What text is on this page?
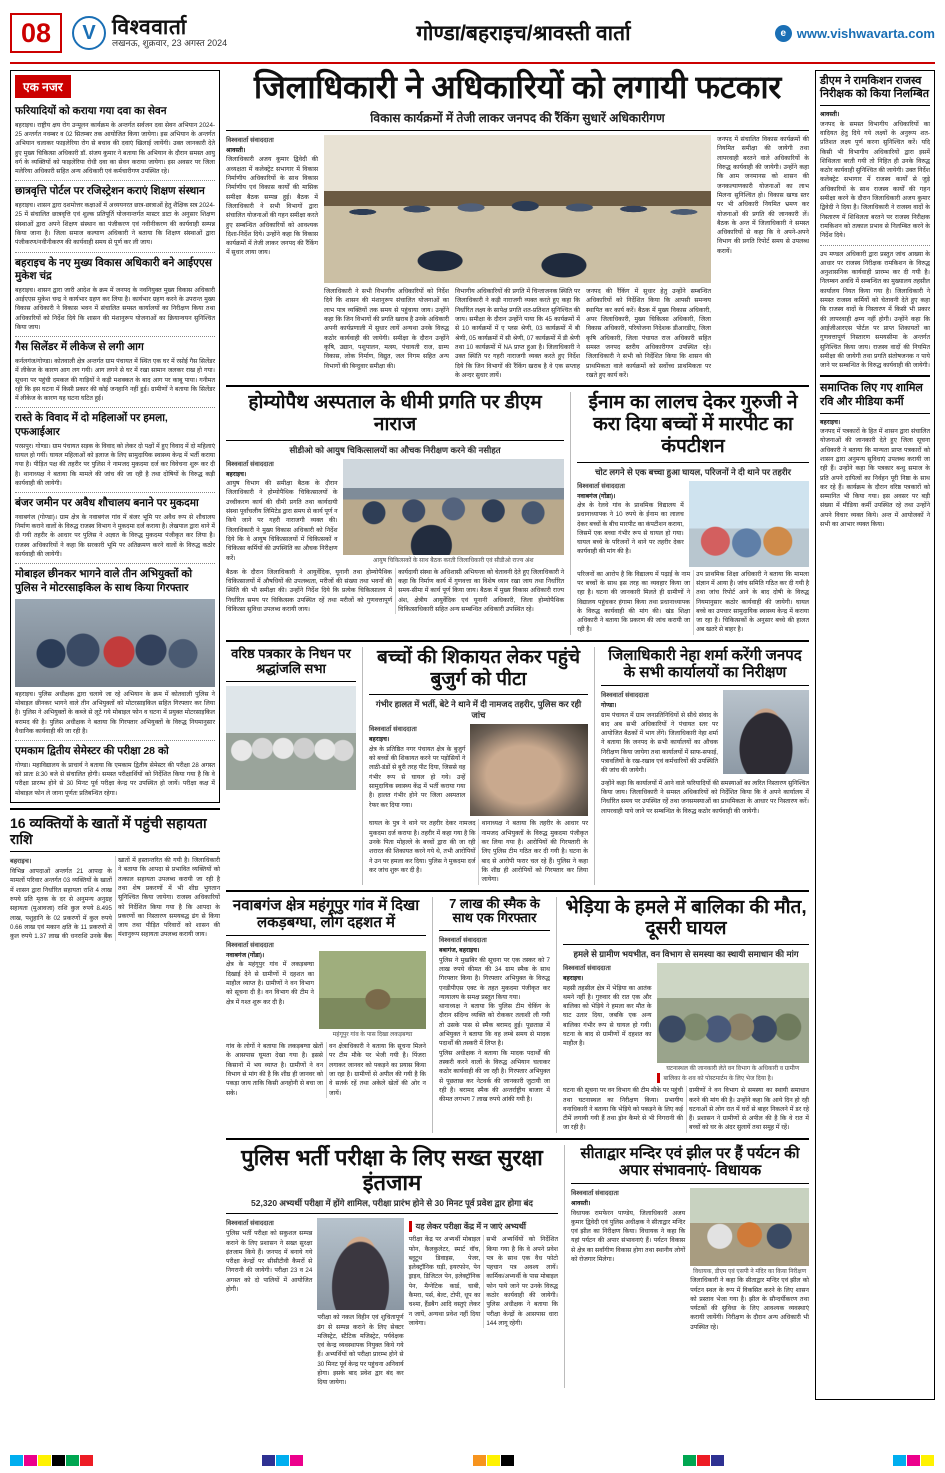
08	V विश्ववार्ता
लखनऊ, शुक्रवार, 23 अगस्त 2024	गोण्डा/बहराइच/श्रावस्ती वार्ता	e www.vishwavarta.com
एक नजर
फरियादियों को कराया गया दवा का सेवन
बहराइच। राष्ट्रीय क्षय रोग उन्मूलन कार्यक्रम के अन्तर्गत सर्वजन दवा सेवन अभियान 2024-25 अन्तर्गत नवम्बर व 02 सितम्बर तक आयोजित किया जायेगा। इस अभियान के अन्तर्गत अभियान चलाकर फाइलेरिया रोग से बचाव की दवाएं खिलाई जायेंगी। उक्त जानकारी देते हुए मुख्य चिकित्सा अधिकारी डॉ. संजय कुमार ने बताया कि अभियान के दौरान समस्त आयु वर्ग के व्यक्तियों को फाइलेरिया रोधी दवा का सेवन कराया जायेगा। इस अवसर पर जिला मलेरिया अधिकारी सहित अन्य अधिकारी एवं कर्मचारीगण उपस्थित रहे।
छात्रवृत्ति पोर्टल पर रजिस्ट्रेशन कराएं शिक्षण संस्थान
बहराइच। शासन द्वारा दशमोत्तर कक्षाओं में अध्ययनरत छात्र-छात्राओं हेतु शैक्षिक सत्र 2024-25 में संचालित छात्रवृत्ति एवं शुल्क प्रतिपूर्ति योजनान्तर्गत मास्टर डाटा के अनुसार शिक्षण संस्थाओं द्वारा अपने शिक्षण संस्थान का पंजीकरण एवं नवीनीकरण की कार्यवाही सम्पन्न किया जाना है। जिला समाज कल्याण अधिकारी ने बताया कि शिक्षण संस्थाओं द्वारा पंजीकरण/नवीनीकरण की कार्यवाही समय से पूर्ण कर ली जाय।
बहराइच के नए मुख्य विकास अधिकारी बने आईएएस मुकेश चंद्र
बहराइच। शासन द्वारा जारी आदेश के क्रम में जनपद के नवनियुक्त मुख्य विकास अधिकारी आईएएस मुकेश चन्द्र ने कार्यभार ग्रहण कर लिया है। कार्यभार ग्रहण करने के उपरान्त मुख्य विकास अधिकारी ने विकास भवन में संचालित समस्त कार्यालयों का निरीक्षण किया तथा अधिकारियों को निर्देश दिये कि शासन की मंशानुरूप योजनाओं का क्रियान्वयन सुनिश्चित किया जाय।
गैस सिलेंडर में लीकेज से लगी आग
कर्नलगंज/गोण्डा। कोतवाली क्षेत्र अन्तर्गत ग्राम पंचायत में स्थित एक घर में रसोई गैस सिलेंडर में लीकेज के कारण आग लग गयी। आग लगने से घर में रखा सामान जलकर राख हो गया। सूचना पर पहुंची दमकल की गाड़ियों ने कड़ी मशक्कत के बाद आग पर काबू पाया। गनीमत रही कि इस घटना में किसी प्रकार की कोई जनहानि नहीं हुई। ग्रामीणों ने बताया कि सिलेंडर में लीकेज के कारण यह घटना घटित हुई।
रास्ते के विवाद में दो महिलाओं पर हमला, एफआईआर
परसपुर। गोण्डा। ग्राम पंचायत सड़क के विवाद को लेकर दो पक्षों में हुए विवाद में दो महिलाएं घायल हो गयीं। घायल महिलाओं को इलाज के लिए सामुदायिक स्वास्थ्य केन्द्र में भर्ती कराया गया है। पीड़ित पक्ष की तहरीर पर पुलिस ने नामजद मुकदमा दर्ज कर विवेचना शुरू कर दी है। थानाध्यक्ष ने बताया कि मामले की जांच की जा रही है तथा दोषियों के विरुद्ध कड़ी कार्यवाही की जायेगी।
बंजर जमीन पर अवैध शौचालय बनाने पर मुकदमा
नवाबगंज (गोण्डा)। ग्राम क्षेत्र के नवाबगंज गांव में बंजर भूमि पर अवैध रूप से शौचालय निर्माण कराने वालों के विरुद्ध राजस्व विभाग ने मुकदमा दर्ज कराया है। लेखपाल द्वारा थाने में दी गयी तहरीर के आधार पर पुलिस ने अज्ञात के विरुद्ध मुकदमा पंजीकृत कर लिया है। राजस्व अधिकारियों ने कहा कि सरकारी भूमि पर अतिक्रमण करने वालों के विरुद्ध कठोर कार्यवाही की जायेगी।
मोबाइल छीनकर भागने वाले तीन अभियुक्तों को पुलिस ने मोटरसाइकिल के साथ किया गिरफ्तार
बहराइच। पुलिस अधीक्षक द्वारा चलाये जा रहे अभियान के क्रम में कोतवाली पुलिस ने मोबाइल छीनकर भागने वाले तीन अभियुक्तों को मोटरसाइकिल सहित गिरफ्तार कर लिया है। पुलिस ने अभियुक्तों के कब्जे से लूटे गये मोबाइल फोन व घटना में प्रयुक्त मोटरसाइकिल बरामद की है। पुलिस अधीक्षक ने बताया कि गिरफ्तार अभियुक्तों के विरुद्ध नियमानुसार वैधानिक कार्यवाही की जा रही है।
एमकाम द्वितीय सेमेस्टर की परीक्षा 28 को
गोण्डा। महाविद्यालय के प्राचार्य ने बताया कि एमकाम द्वितीय सेमेस्टर की परीक्षा 28 अगस्त को प्रातः 8:30 बजे से संचालित होगी। समस्त परीक्षार्थियों को निर्देशित किया गया है कि वे परीक्षा प्रारम्भ होने से 30 मिनट पूर्व परीक्षा केन्द्र पर उपस्थित हो जायें। परीक्षा कक्ष में मोबाइल फोन ले जाना पूर्णतः प्रतिबन्धित रहेगा।
16 व्यक्तियों के खातों में पहुंची सहायता राशि
बहराइच।
विभिन्न आपदाओं अन्तर्गत 21 आपदा के मामलों परिवार अन्तर्गत 03 व्यक्तियों के खातों में शासन द्वारा निर्धारित सहायता राशि 4 लाख रुपये प्रति मृतक के दर से अनुमन्य अनुग्रह सहायता (मुआवजा) राशि कुल रुपये 8.495 लाख, पशुहानि के 02 प्रकरणों में कुल रुपये 0.66 लाख एवं मकान क्षति के 11 प्रकरणों में कुल रुपये 1.37 लाख की धनराशि उनके बैंक खातों में हस्तान्तरित की गयी है। जिलाधिकारी ने बताया कि आपदा से प्रभावित व्यक्तियों को तत्काल सहायता उपलब्ध करायी जा रही है तथा शेष प्रकरणों में भी शीघ्र भुगतान सुनिश्चित किया जायेगा। राजस्व अधिकारियों को निर्देशित किया गया है कि आपदा के प्रकरणों का निस्तारण समयबद्ध ढंग से किया जाय तथा पीड़ित परिवारों को शासन की मंशानुरूप सहायता उपलब्ध करायी जाय।
जिलाधिकारी ने अधिकारियों को लगायी फटकार
विकास कार्यक्रमों में तेजी लाकर जनपद की रैंकिंग सुधारें अधिकारीगण
विश्ववार्ता संवाददाता
श्रावस्ती।
जिलाधिकारी अजय कुमार द्विवेदी की अध्यक्षता में कलेक्ट्रेट सभागार में विकास निर्माणीय अधिकारियों के साथ विकास निर्माणीय एवं विकास कार्यों की मासिक समीक्षा बैठक सम्पन्न हुई। बैठक में जिलाधिकारी ने सभी विभागों द्वारा संचालित योजनाओं की गहन समीक्षा करते हुए सम्बन्धित अधिकारियों को आवश्यक दिशा-निर्देश दिये। उन्होंने कहा कि विकास कार्यक्रमों में तेजी लाकर जनपद की रैंकिंग में सुधार लाया जाय।
जिलाधिकारी ने सभी विभागीय अधिकारियों को निर्देश दिये कि शासन की मंशानुरूप संचालित योजनाओं का लाभ पात्र व्यक्तियों तक समय से पहुंचाया जाय। उन्होंने कहा कि जिन विभागों की प्रगति खराब है उनके अधिकारी अपनी कार्यप्रणाली में सुधार लायें अन्यथा उनके विरुद्ध कठोर कार्यवाही की जायेगी। समीक्षा के दौरान उन्होंने कृषि, उद्यान, पशुपालन, मत्स्य, पंचायती राज, ग्राम्य विकास, लोक निर्माण, विद्युत, जल निगम सहित अन्य विभागों की बिन्दुवार समीक्षा की।
विभागीय अधिकारियों की प्रगति में चिन्ताजनक स्थिति पर जिलाधिकारी ने कड़ी नाराजगी व्यक्त करते हुए कहा कि निर्धारित लक्ष्य के सापेक्ष प्रगति शत-प्रतिशत सुनिश्चित की जाय। समीक्षा के दौरान उन्होंने पाया कि 45 कार्यक्रमों में से 10 कार्यक्रमों में ए प्लस श्रेणी, 03 कार्यक्रमों में बी श्रेणी, 05 कार्यक्रमों में सी श्रेणी, 07 कार्यक्रमों में डी श्रेणी तथा 10 कार्यक्रमों में NA प्राप्त हुआ है। जिलाधिकारी ने उक्त स्थिति पर गहरी नाराजगी व्यक्त करते हुए निर्देश दिये कि जिन विभागों की रैंकिंग खराब है वे एक सप्ताह के अन्दर सुधार लायें।
जनपद की रैंकिंग में सुधार हेतु उन्होंने सम्बन्धित अधिकारियों को निर्देशित किया कि आपसी समन्वय स्थापित कर कार्य करें। बैठक में मुख्य विकास अधिकारी, अपर जिलाधिकारी, मुख्य चिकित्सा अधिकारी, जिला विकास अधिकारी, परियोजना निदेशक डीआरडीए, जिला कृषि अधिकारी, जिला पंचायत राज अधिकारी सहित समस्त जनपद स्तरीय अधिकारीगण उपस्थित रहे। जिलाधिकारी ने सभी को निर्देशित किया कि शासन की प्राथमिकता वाले कार्यक्रमों को सर्वोच्च प्राथमिकता पर रखते हुए कार्य करें।
जनपद में संचालित विकास कार्यक्रमों की नियमित समीक्षा की जायेगी तथा लापरवाही बरतने वाले अधिकारियों के विरुद्ध कार्यवाही की जायेगी। उन्होंने कहा कि आम जनमानस को शासन की जनकल्याणकारी योजनाओं का लाभ मिलना सुनिश्चित हो। विकास खण्ड स्तर पर भी अधिकारी नियमित भ्रमण कर योजनाओं की प्रगति की जानकारी लें। बैठक के अन्त में जिलाधिकारी ने समस्त अधिकारियों से कहा कि वे अपने-अपने विभाग की प्रगति रिपोर्ट समय से उपलब्ध करायें।
होम्योपैथ अस्पताल के धीमी प्रगति पर डीएम नाराज
सीडीओ को आयुष चिकित्सालयों का औचक निरीक्षण करने की नसीहत
विश्ववार्ता संवाददाता
बहराइच।
आयुष विभाग की समीक्षा बैठक के दौरान जिलाधिकारी ने होम्योपैथिक चिकित्सालयों के उच्चीकरण कार्य की धीमी प्रगति तथा कार्यदायी संस्था पूर्वांचलीय लिमिटेड द्वारा समय से कार्य पूर्ण न किये जाने पर गहरी नाराजगी व्यक्त की। जिलाधिकारी ने मुख्य विकास अधिकारी को निर्देश दिये कि वे आयुष चिकित्सालयों में चिकित्सकों व चिकित्सा कर्मियों की उपस्थिति का औचक निरीक्षण करें।	आयुष चिकित्सकों के साथ बैठक करती जिलाधिकारी एवं सीडीओ राज्य अंश
बैठक के दौरान जिलाधिकारी ने आयुर्वेदिक, यूनानी तथा होम्योपैथिक चिकित्सालयों में औषधियों की उपलब्धता, मरीजों की संख्या तथा भवनों की स्थिति की भी समीक्षा की। उन्होंने निर्देश दिये कि प्रत्येक चिकित्सालय में निर्धारित समय पर चिकित्सक उपस्थित रहें तथा मरीजों को गुणवत्तापूर्ण चिकित्सा सुविधा उपलब्ध करायी जाय।
कार्यदायी संस्था के अधिशासी अभियन्ता को चेतावनी देते हुए जिलाधिकारी ने कहा कि निर्माण कार्य में गुणवत्ता का विशेष ध्यान रखा जाय तथा निर्धारित समय-सीमा में कार्य पूर्ण किया जाय। बैठक में मुख्य विकास अधिकारी राज्य अंश, क्षेत्रीय आयुर्वेदिक एवं यूनानी अधिकारी, जिला होम्योपैथिक चिकित्साधिकारी सहित अन्य सम्बन्धित अधिकारी उपस्थित रहे।
ईनाम का लालच देकर गुरुजी ने करा दिया बच्चों में मारपीट का कंपटीशन
चोट लगने से एक बच्चा हुआ घायल, परिजनों ने दी थाने पर तहरीर
विश्ववार्ता संवाददाता
नवाबगंज (गोंडा)।
क्षेत्र के रेलवे गांव के प्राथमिक विद्यालय में प्रधानाध्यापक ने 10 रुपये के ईनाम का लालच देकर बच्चों के बीच मारपीट का कंपटीशन कराया, जिसमें एक बच्चा गंभीर रूप से घायल हो गया। घायल बच्चे के परिजनों ने थाने पर तहरीर देकर कार्यवाही की मांग की है।
परिजनों का आरोप है कि विद्यालय में पढ़ाई के नाम पर बच्चों के साथ इस तरह का व्यवहार किया जा रहा है। घटना की जानकारी मिलते ही ग्रामीणों ने विद्यालय पहुंचकर हंगामा किया तथा प्रधानाध्यापक के विरुद्ध कार्यवाही की मांग की। खंड शिक्षा अधिकारी ने बताया कि प्रकरण की जांच करायी जा रही है।
उप प्राथमिक शिक्षा अधिकारी ने बताया कि मामला संज्ञान में आया है। जांच समिति गठित कर दी गयी है तथा जांच रिपोर्ट आने के बाद दोषी के विरुद्ध नियमानुसार कठोर कार्यवाही की जायेगी। घायल बच्चे का उपचार सामुदायिक स्वास्थ्य केन्द्र में कराया जा रहा है। चिकित्सकों के अनुसार बच्चे की हालत अब खतरे से बाहर है।
वरिष्ठ पत्रकार के निधन पर श्रद्धांजलि सभा
बच्चों की शिकायत लेकर पहुंचे बुजुर्ग को पीटा
गंभीर हालत में भर्ती, बेटे ने थाने में दी नामजद तहरीर, पुलिस कर रही जांच
विश्ववार्ता संवाददाता
बहराइच।
क्षेत्र के प्रतिष्ठित नगर पंचायत क्षेत्र के बुजुर्ग को बच्चों की शिकायत करने पर पड़ोसियों ने लाठी-डंडों से बुरी तरह पीट दिया, जिससे वह गंभीर रूप से घायल हो गये। उन्हें सामुदायिक स्वास्थ्य केंद्र में भर्ती कराया गया है। हालत गंभीर होने पर जिला अस्पताल रेफर कर दिया गया।
घायल के पुत्र ने थाने पर तहरीर देकर नामजद मुकदमा दर्ज कराया है। तहरीर में कहा गया है कि उनके पिता मोहल्ले के बच्चों द्वारा की जा रही शरारत की शिकायत करने गये थे, तभी आरोपियों ने उन पर हमला कर दिया। पुलिस ने मुकदमा दर्ज कर जांच शुरू कर दी है।
थानाध्यक्ष ने बताया कि तहरीर के आधार पर नामजद अभियुक्तों के विरुद्ध मुकदमा पंजीकृत कर लिया गया है। आरोपियों की गिरफ्तारी के लिए पुलिस टीम गठित कर दी गयी है। घटना के बाद से आरोपी फरार चल रहे हैं। पुलिस ने कहा कि शीघ्र ही आरोपियों को गिरफ्तार कर लिया जायेगा।
जिलाधिकारी नेहा शर्मा करेंगी जनपद के सभी कार्यालयों का निरीक्षण
विश्ववार्ता संवाददाता
गोण्डा।
ग्राम पंचायत में ग्राम जनप्रतिनिधियों से सीधे संवाद के बाद अब सभी अधिकारियों ने पंचायत स्तर पर आयोजित बैठकों में भाग लेंगे। जिलाधिकारी नेहा शर्मा ने बताया कि जनपद के सभी कार्यालयों का औचक निरीक्षण किया जायेगा तथा कार्यालयों में साफ-सफाई, पत्रावलियों के रख-रखाव एवं कर्मचारियों की उपस्थिति की जांच की जायेगी।
उन्होंने कहा कि कार्यालयों में आने वाले फरियादियों की समस्याओं का त्वरित निस्तारण सुनिश्चित किया जाय। जिलाधिकारी ने समस्त अधिकारियों को निर्देशित किया कि वे अपने कार्यालय में निर्धारित समय पर उपस्थित रहें तथा जनसमस्याओं का प्राथमिकता के आधार पर निस्तारण करें। लापरवाही पाये जाने पर सम्बन्धित के विरुद्ध कठोर कार्यवाही की जायेगी।
नवाबगंज क्षेत्र महंगूपुर गांव में दिखा लकड़बग्घा, लोग दहशत में
विश्ववार्ता संवाददाता
नवाबगंज (गोंडा)।
क्षेत्र के महंगूपुर गांव में लकड़बग्घा दिखाई देने से ग्रामीणों में दहशत का माहौल व्याप्त है। ग्रामीणों ने वन विभाग को सूचना दी है। वन विभाग की टीम ने क्षेत्र में गश्त शुरू कर दी है।
महंगूपुर गांव के पास दिखा लकड़बग्घा
गांव के लोगों ने बताया कि लकड़बग्घा खेतों के आसपास घूमता देखा गया है। इससे किसानों में भय व्याप्त है। ग्रामीणों ने वन विभाग से मांग की है कि शीघ्र ही जानवर को पकड़ा जाय ताकि किसी अनहोनी से बचा जा सके।
वन क्षेत्राधिकारी ने बताया कि सूचना मिलने पर टीम मौके पर भेजी गयी है। पिंजरा लगाकर जानवर को पकड़ने का प्रयास किया जा रहा है। ग्रामीणों से अपील की गयी है कि वे सतर्क रहें तथा अकेले खेतों की ओर न जायें।
7 लाख की स्मैक के साथ एक गिरफ्तार
विश्ववार्ता संवाददाता
बबागंज, बहराइच।
पुलिस ने मुखबिर की सूचना पर एक तस्कर को 7 लाख रुपये कीमत की 34 ग्राम स्मैक के साथ गिरफ्तार किया है। गिरफ्तार अभियुक्त के विरुद्ध एनडीपीएस एक्ट के तहत मुकदमा पंजीकृत कर न्यायालय के समक्ष प्रस्तुत किया गया।
थानाध्यक्ष ने बताया कि पुलिस टीम चेकिंग के दौरान संदिग्ध व्यक्ति को रोककर तलाशी ली गयी तो उसके पास से स्मैक बरामद हुई। पूछताछ में अभियुक्त ने बताया कि वह लम्बे समय से मादक पदार्थों की तस्करी में लिप्त है।
पुलिस अधीक्षक ने बताया कि मादक पदार्थों की तस्करी करने वालों के विरुद्ध अभियान चलाकर कठोर कार्यवाही की जा रही है। गिरफ्तार अभियुक्त से पूछताछ कर नेटवर्क की जानकारी जुटायी जा रही है। बरामद स्मैक की अन्तर्राष्ट्रीय बाजार में कीमत लगभग 7 लाख रुपये आंकी गयी है।
भेड़िया के हमले में बालिका की मौत, दूसरी घायल
हमले से ग्रामीण भयभीत, वन विभाग से समस्या का स्थायी समाधान की मांग
विश्ववार्ता संवाददाता
बहराइच।
महसी तहसील क्षेत्र में भेड़िया का आतंक थमने नहीं है। गुरुवार की रात एक और बालिका को भेड़िये ने हमला कर मौत के घाट उतार दिया, जबकि एक अन्य बालिका गंभीर रूप से घायल हो गयी। घटना के बाद से ग्रामीणों में दहशत का माहौल है।
घटनास्थल की जानकारी लेते वन विभाग के अधिकारी व ग्रामीण
बालिका के शव को पोस्टमार्टम के लिए भेज दिया है।
घटना की सूचना पर वन विभाग की टीम मौके पर पहुंची तथा घटनास्थल का निरीक्षण किया। प्रभागीय वनाधिकारी ने बताया कि भेड़िये को पकड़ने के लिए कई टीमें लगायी गयी हैं तथा ड्रोन कैमरे से भी निगरानी की जा रही है।
ग्रामीणों ने वन विभाग से समस्या का स्थायी समाधान करने की मांग की है। उन्होंने कहा कि आये दिन हो रही घटनाओं से लोग रात में घरों से बाहर निकलने में डर रहे हैं। प्रशासन ने ग्रामीणों से अपील की है कि वे रात में बच्चों को घर के अंदर सुलायें तथा समूह में रहें।
पुलिस भर्ती परीक्षा के लिए सख्त सुरक्षा इंतजाम
52,320 अभ्यर्थी परीक्षा में होंगे शामिल, परीक्षा प्रारंभ होने से 30 मिनट पूर्व प्रवेश द्वार होगा बंद
विश्ववार्ता संवाददाता
पुलिस भर्ती परीक्षा को सकुशल सम्पन्न कराने के लिए प्रशासन ने सख्त सुरक्षा इंतजाम किये हैं। जनपद में बनाये गये परीक्षा केन्द्रों पर सीसीटीवी कैमरों से निगरानी की जायेगी। परीक्षा 23 व 24 अगस्त को दो पालियों में आयोजित होगी।
परीक्षा को नकल विहीन एवं शुचितापूर्ण ढंग से सम्पन्न कराने के लिए सेक्टर मजिस्ट्रेट, स्टैटिक मजिस्ट्रेट, पर्यवेक्षक एवं केन्द्र व्यवस्थापक नियुक्त किये गये हैं। अभ्यर्थियों को परीक्षा प्रारम्भ होने से 30 मिनट पूर्व केन्द्र पर पहुंचना अनिवार्य होगा। इसके बाद प्रवेश द्वार बंद कर दिया जायेगा।
यह लेकर परीक्षा केंद्र में न जाएं अभ्यर्थी
परीक्षा केंद्र पर अभ्यर्थी मोबाइल फोन, कैलकुलेटर, स्मार्ट वॉच, ब्लूटूथ डिवाइस, पेजर, इलेक्ट्रॉनिक घड़ी, इयरफोन, पेन ड्राइव, डिजिटल पेन, इलेक्ट्रॉनिक पेन, मैग्नेटिक कार्ड, चाबी, कैमरा, पर्स, बेल्ट, टोपी, धूप का चश्मा, हैंडबैग आदि वस्तुएं लेकर न जायें, अन्यथा प्रवेश नहीं दिया जायेगा।
सभी अभ्यर्थियों को निर्देशित किया गया है कि वे अपने प्रवेश पत्र के साथ एक वैध फोटो पहचान पत्र अवश्य लायें। कार्मिक/अभ्यर्थी के पास मोबाइल फोन पाये जाने पर उनके विरुद्ध कठोर कार्यवाही की जायेगी। पुलिस अधीक्षक ने बताया कि परीक्षा केन्द्रों के आसपास धारा 144 लागू रहेगी।
सीताद्वार मन्दिर एवं झील पर हैं पर्यटन की अपार संभावनाएं- विधायक
विश्ववार्ता संवाददाता
श्रावस्ती।
विधायक रामफेरन पाण्डेय, जिलाधिकारी अजय कुमार द्विवेदी एवं पुलिस अधीक्षक ने सीताद्वार मन्दिर एवं झील का निरीक्षण किया। विधायक ने कहा कि यहां पर्यटन की अपार संभावनाएं हैं। पर्यटन विकास से क्षेत्र का सर्वांगीण विकास होगा तथा स्थानीय लोगों को रोजगार मिलेगा।
विधायक, डीएम एवं एसपी ने मंदिर का किया निरीक्षण
जिलाधिकारी ने कहा कि सीताद्वार मन्दिर एवं झील को पर्यटन स्थल के रूप में विकसित करने के लिए शासन को प्रस्ताव भेजा गया है। झील के सौन्दर्यीकरण तथा पर्यटकों की सुविधा के लिए आवश्यक व्यवस्थाएं करायी जायेंगी। निरीक्षण के दौरान अन्य अधिकारी भी उपस्थित रहे।
डीएम ने रामकिशन राजस्व निरीक्षक को किया निलम्बित
श्रावस्ती।
जनपद के समस्त विभागीय अधिकारियों का वादियत हेतु दिये गये लक्ष्यों के अनुरूप शत-प्रतिशत लक्ष्य पूर्ण करना सुनिश्चित करें। यदि किसी भी विभागीय अधिकारियों द्वारा इसमें शिथिलता बरती गयी तो निहित ही उनके विरुद्ध कठोर कार्यवाही सुनिश्चित की जायेगी। उक्त निर्देश कलेक्ट्रेट सभागार में राजस्व कार्यों से जुड़े अधिकारियों के साथ राजस्व कार्यों की गहन समीक्षा करने के दौरान जिलाधिकारी अजय कुमार द्विवेदी ने दिया है। जिलाधिकारी ने राजस्व वादों के निस्तारण में शिथिलता बरतने पर राजस्व निरीक्षक रामकिशन को तत्काल प्रभाव से निलम्बित करने के निर्देश दिये।
उप मण्डल अधिकारी द्वारा प्रस्तुत जांच आख्या के आधार पर राजस्व निरीक्षक रामकिशन के विरुद्ध अनुशासनिक कार्यवाही प्रारम्भ कर दी गयी है। निलम्बन अवधि में सम्बन्धित का मुख्यालय तहसील कार्यालय नियत किया गया है। जिलाधिकारी ने समस्त राजस्व कर्मियों को चेतावनी देते हुए कहा कि राजस्व वादों के निस्तारण में किसी भी प्रकार की लापरवाही क्षम्य नहीं होगी। उन्होंने कहा कि आईजीआरएस पोर्टल पर प्राप्त शिकायतों का गुणवत्तापूर्ण निस्तारण समयसीमा के अन्तर्गत सुनिश्चित किया जाय। राजस्व वादों की नियमित समीक्षा की जायेगी तथा प्रगति संतोषजनक न पाये जाने पर सम्बन्धित के विरुद्ध कार्यवाही की जायेगी।
समाप्तिक लिए गए शामिल रवि और मीडिया कर्मी
बहराइच।
जनपद में पत्रकारों के हित में शासन द्वारा संचालित योजनाओं की जानकारी देते हुए जिला सूचना अधिकारी ने बताया कि मान्यता प्राप्त पत्रकारों को शासन द्वारा अनुमन्य सुविधाएं उपलब्ध करायी जा रही हैं। उन्होंने कहा कि पत्रकार बन्धु समाज के प्रति अपने दायित्वों का निर्वहन पूरी निष्ठा के साथ कर रहे हैं। कार्यक्रम के दौरान वरिष्ठ पत्रकारों को सम्मानित भी किया गया। इस अवसर पर बड़ी संख्या में मीडिया कर्मी उपस्थित रहे तथा उन्होंने अपने विचार व्यक्त किये। अन्त में आयोजकों ने सभी का आभार व्यक्त किया।
